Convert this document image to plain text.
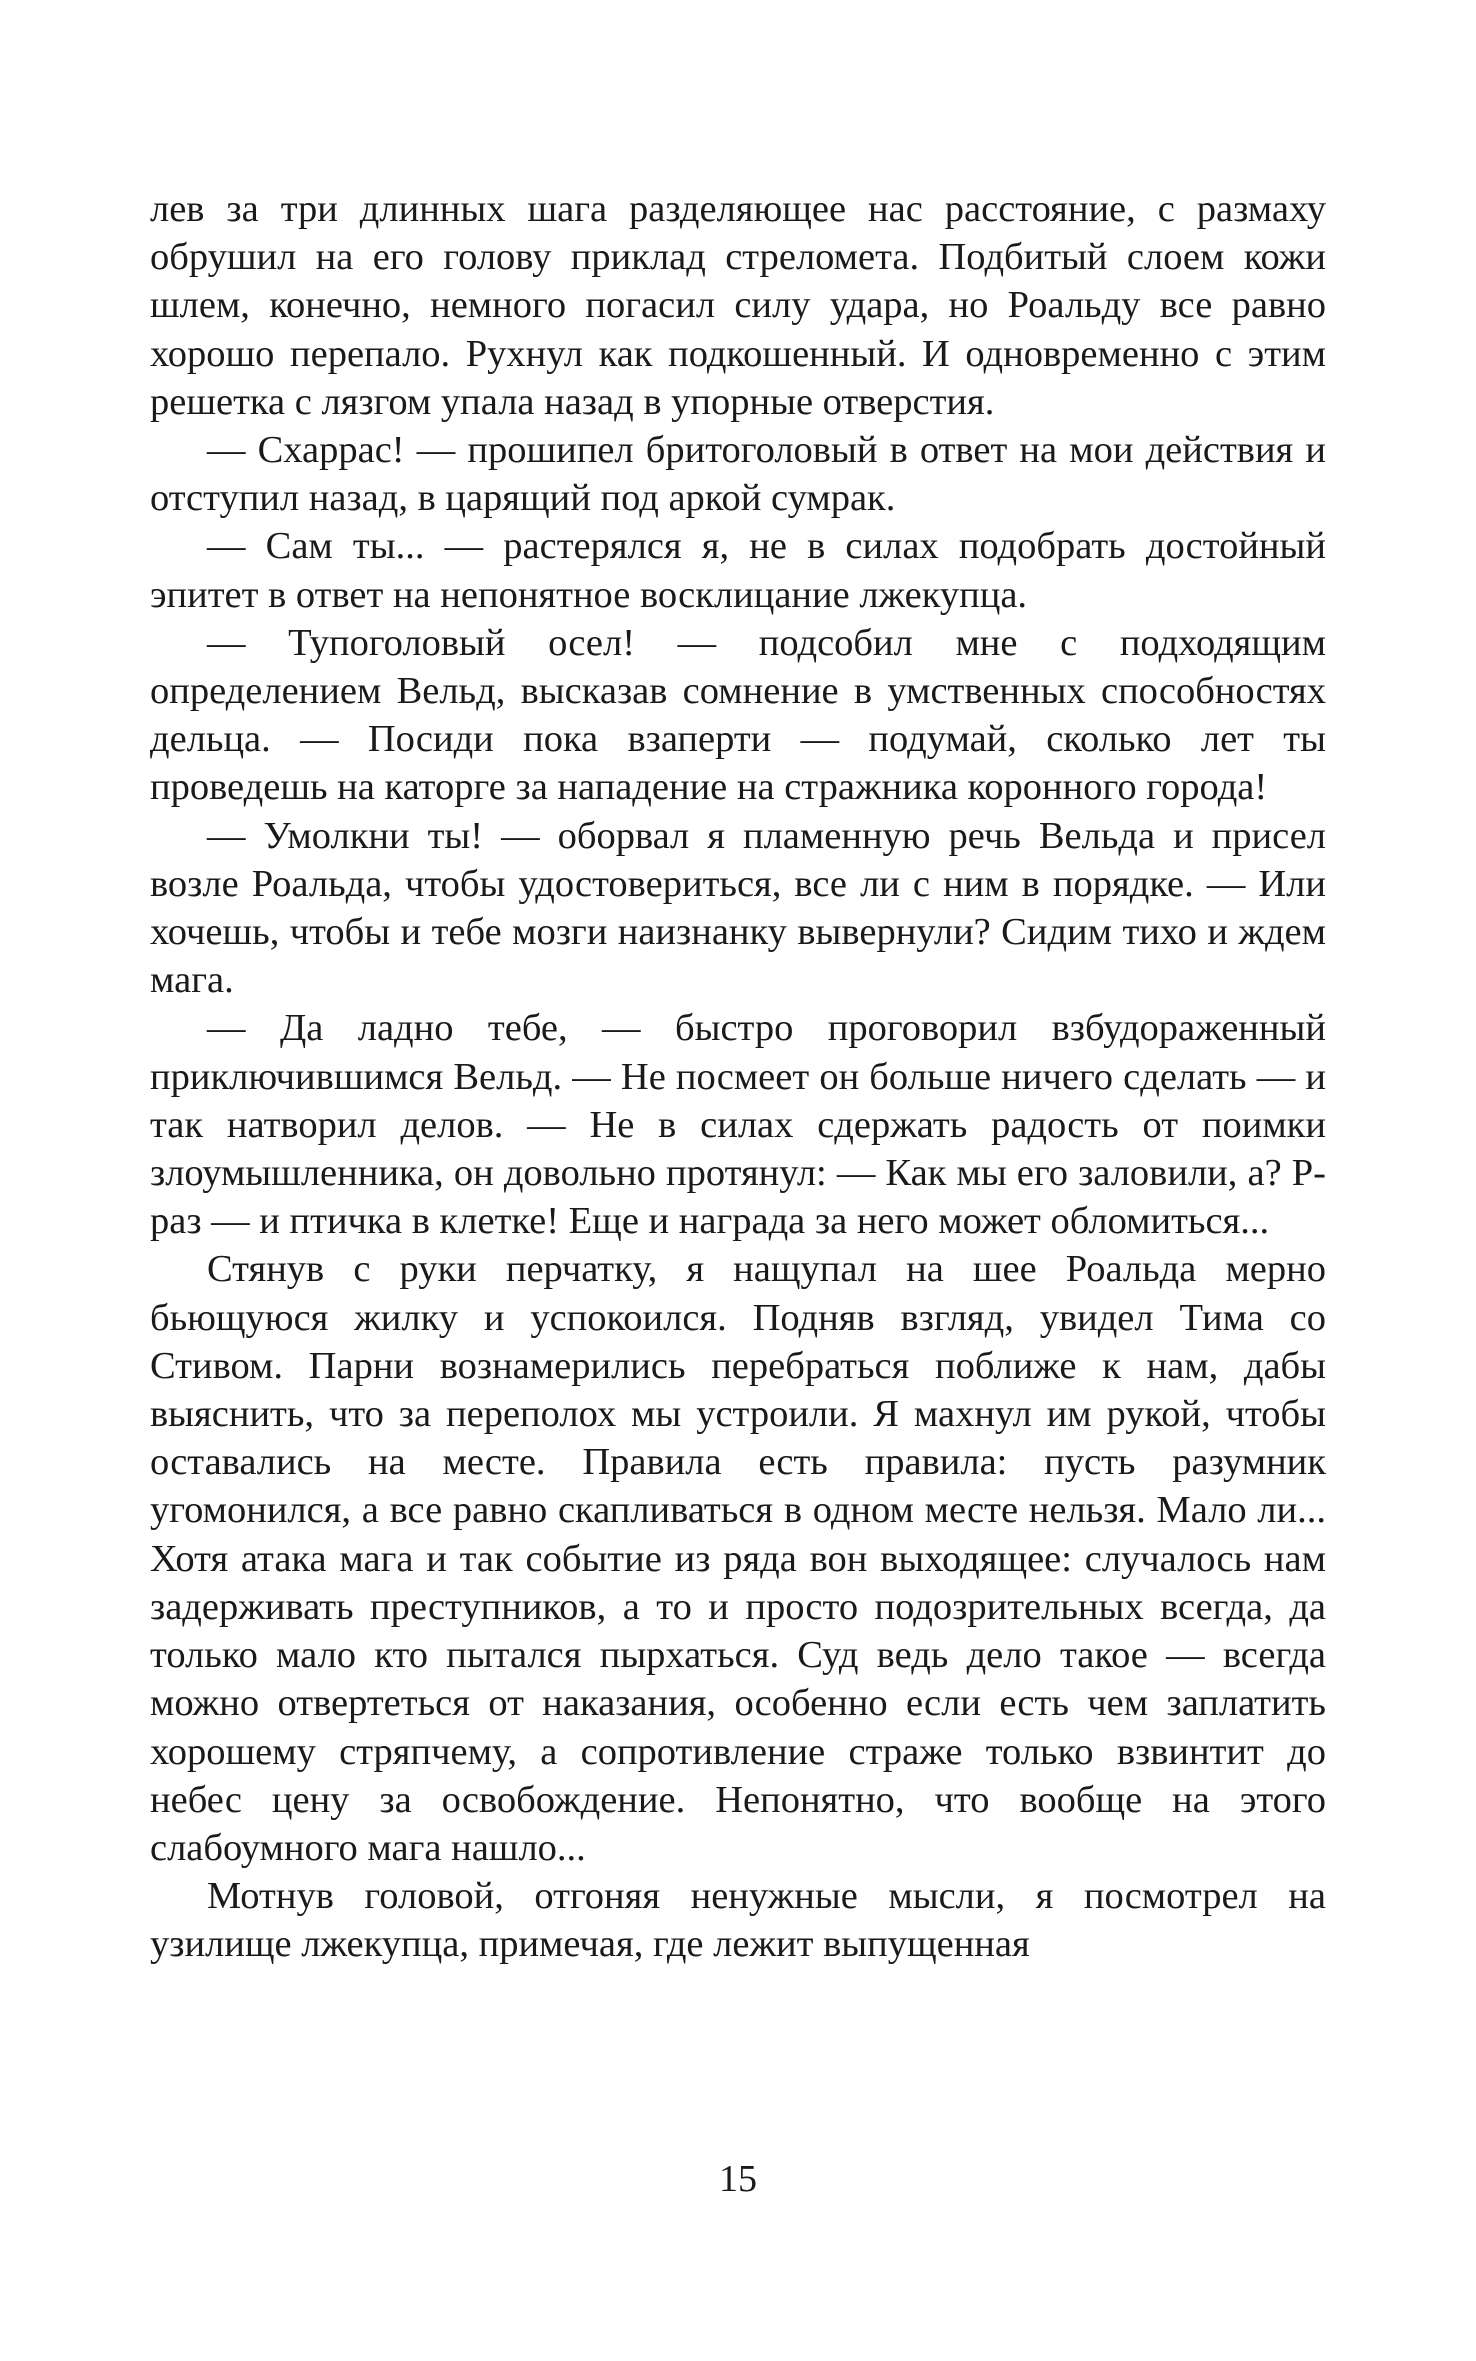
лев за три длинных шага разделяющее нас расстояние, с размаху обрушил на его голову приклад стреломета. Подбитый слоем кожи шлем, конечно, немного погасил силу удара, но Роальду все равно хорошо перепало. Рухнул как подкошенный. И одновременно с этим решетка с лязгом упала назад в упорные отверстия.

— Схаррас! — прошипел бритоголовый в ответ на мои действия и отступил назад, в царящий под аркой сумрак.

— Сам ты... — растерялся я, не в силах подобрать достойный эпитет в ответ на непонятное восклицание лжекупца.

— Тупоголовый осел! — подсобил мне с подходящим определением Вельд, высказав сомнение в умственных способностях дельца. — Посиди пока взаперти — подумай, сколько лет ты проведешь на каторге за нападение на стражника коронного города!

— Умолкни ты! — оборвал я пламенную речь Вельда и присел возле Роальда, чтобы удостовериться, все ли с ним в порядке. — Или хочешь, чтобы и тебе мозги наизнанку вывернули? Сидим тихо и ждем мага.

— Да ладно тебе, — быстро проговорил взбудораженный приключившимся Вельд. — Не посмеет он больше ничего сделать — и так натворил делов. — Не в силах сдержать радость от поимки злоумышленника, он довольно протянул: — Как мы его заловили, а? Р-раз — и птичка в клетке! Еще и награда за него может обломиться...

Стянув с руки перчатку, я нащупал на шее Роальда мерно бьющуюся жилку и успокоился. Подняв взгляд, увидел Тима со Стивом. Парни вознамерились перебраться поближе к нам, дабы выяснить, что за переполох мы устроили. Я махнул им рукой, чтобы оставались на месте. Правила есть правила: пусть разумник угомонился, а все равно скапливаться в одном месте нельзя. Мало ли... Хотя атака мага и так событие из ряда вон выходящее: случалось нам задерживать преступников, а то и просто подозрительных всегда, да только мало кто пытался пырхаться. Суд ведь дело такое — всегда можно отвертеться от наказания, особенно если есть чем заплатить хорошему стряпчему, а сопротивление страже только взвинтит до небес цену за освобождение. Непонятно, что вообще на этого слабоумного мага нашло...

Мотнув головой, отгоняя ненужные мысли, я посмотрел на узилище лжекупца, примечая, где лежит выпущенная

15
